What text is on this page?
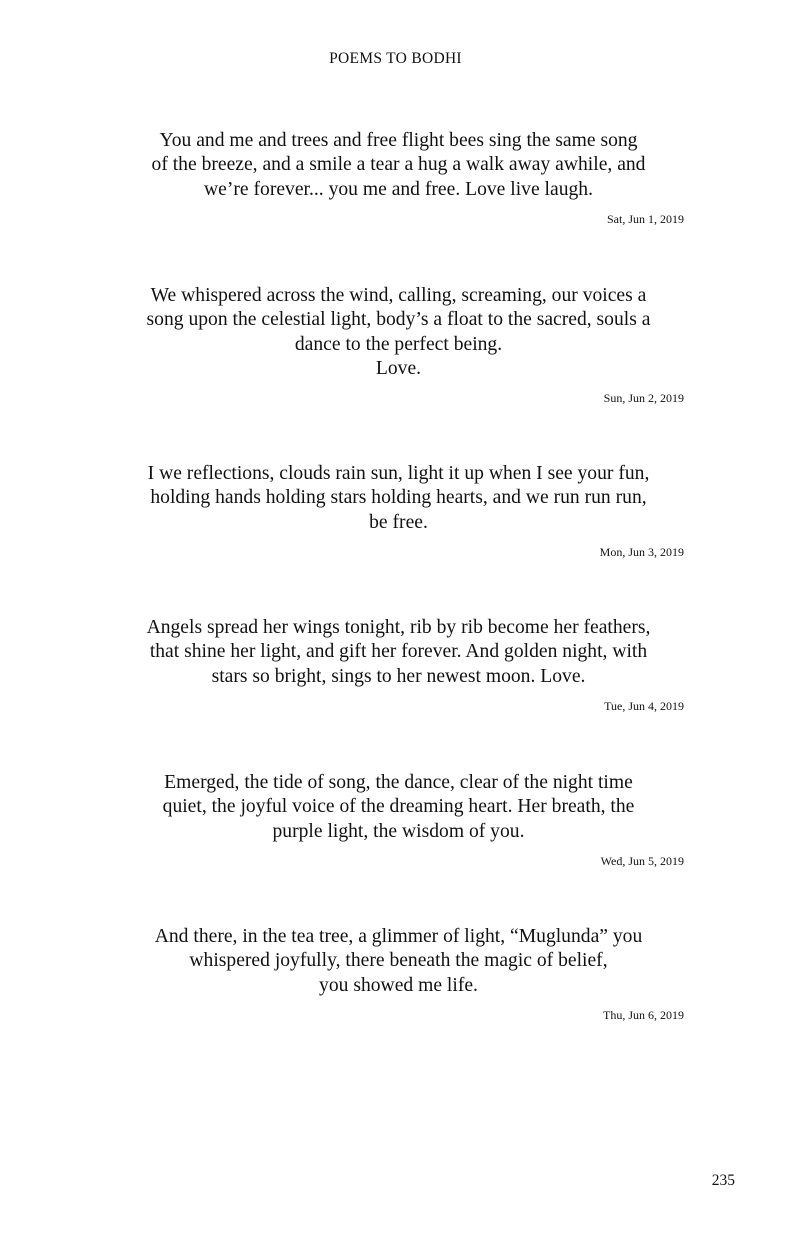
POEMS TO BODHI

You and me and trees and free flight bees sing the same song
of the breeze, and a smile a tear a hug a walk away awhile, and
we’re forever... you me and free. Love live laugh.

Sat, Jun 1, 2019

We whispered across the wind, calling, screaming, our voices a
song upon the celestial light, body’s a float to the sacred, souls a
dance to the perfect being.
Love.

Sun, Jun 2, 2019

I we reflections, clouds rain sun, light it up when I see your fun,
holding hands holding stars holding hearts, and we run run run,
be free.

Mon, Jun 3, 2019

Angels spread her wings tonight, rib by rib become her feathers,
that shine her light, and gift her forever. And golden night, with
stars so bright, sings to her newest moon. Love.

Tue, Jun 4, 2019

Emerged, the tide of song, the dance, clear of the night time
quiet, the joyful voice of the dreaming heart. Her breath, the
purple light, the wisdom of you.

Wed, Jun 5, 2019

And there, in the tea tree, a glimmer of light, “Muglunda” you
whispered joyfully, there beneath the magic of belief,
you showed me life.

Thu, Jun 6, 2019
235
